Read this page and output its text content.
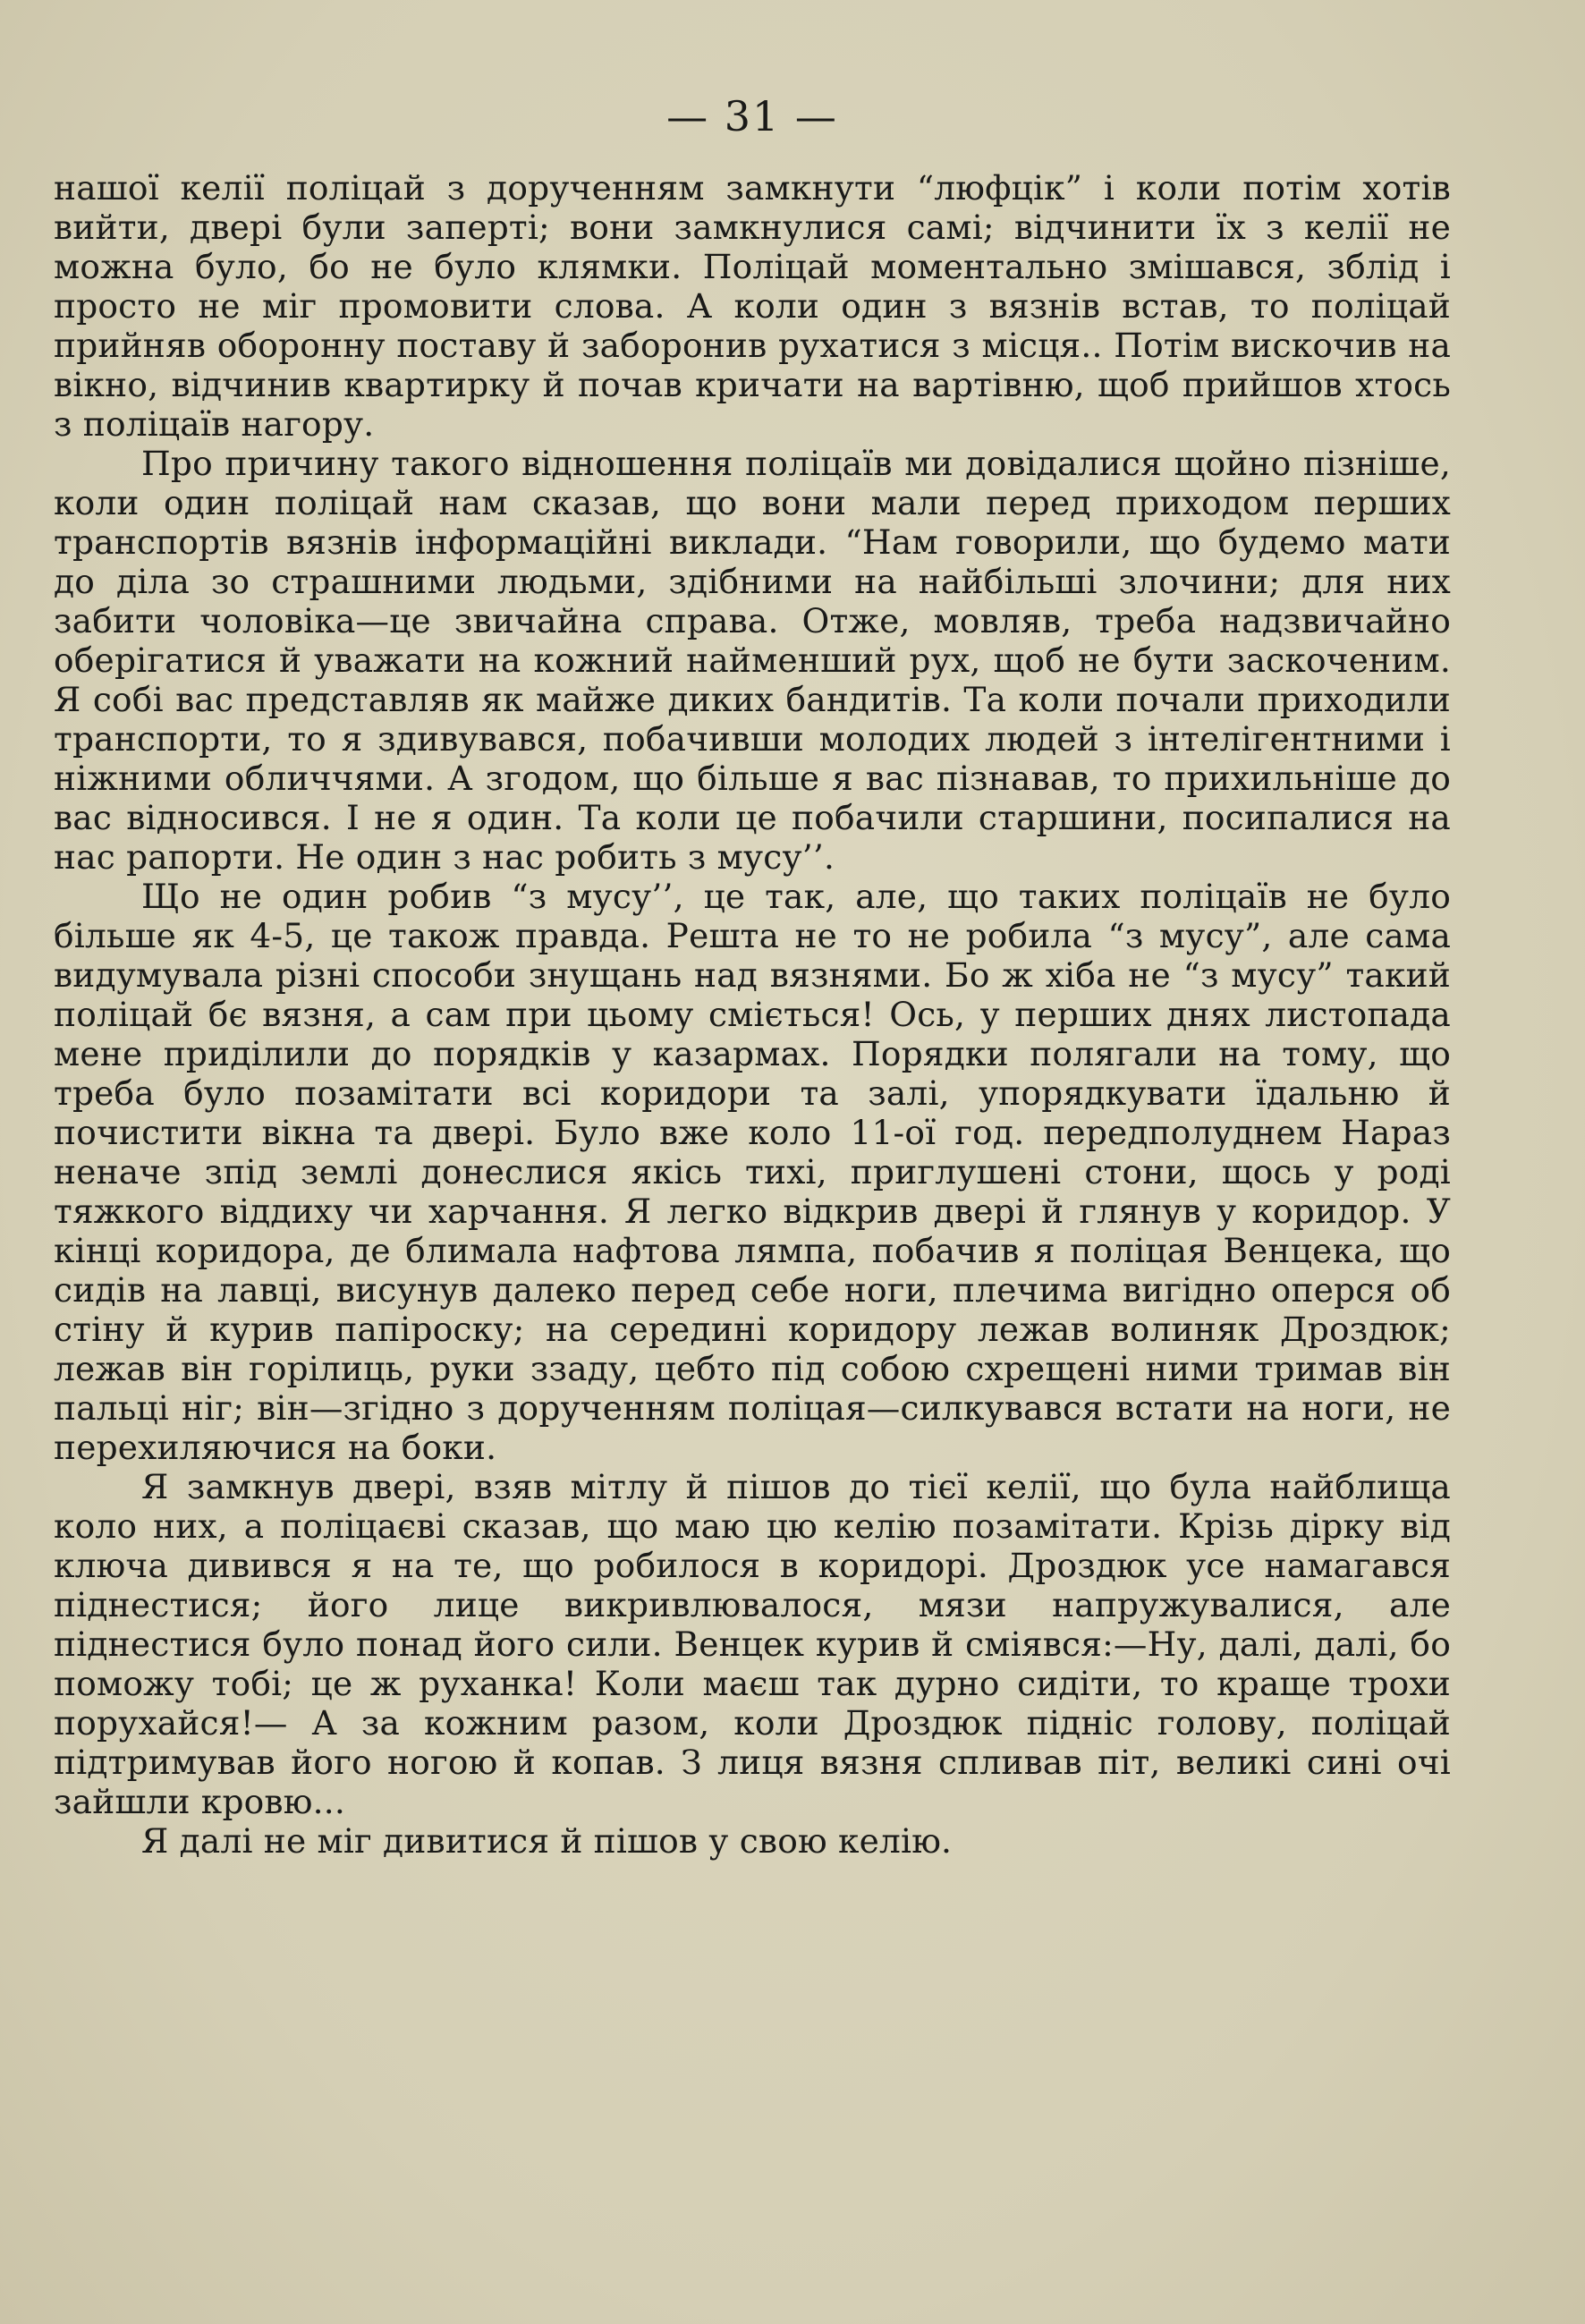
— 31 —

нашої келії поліцай з дорученням замкнути “люфцік” і коли потім хотів вийти, двері були заперті; вони замкнулися самі; відчинити їх з келії не можна було, бо не було клямки. Поліцай моментально змішався, зблід і просто не міг промовити слова. А коли один з вязнів встав, то поліцай прийняв оборонну поставу й заборонив рухатися з місця.. Потім вискочив на вікно, відчинив квартирку й почав кричати на вартівню, щоб прийшов хтось з поліцаїв нагору.

Про причину такого відношення поліцаїв ми довідалися щойно пізніше, коли один поліцай нам сказав, що вони мали перед приходом перших транспортів вязнів інформаційні виклади. “Нам говорили, що будемо мати до діла зо страшними людьми, здібними на найбільші злочини; для них забити чоловіка—це звичайна справа. Отже, мовляв, треба надзвичайно оберігатися й уважати на кожний найменший рух, щоб не бути заскоченим. Я собі вас представляв як майже диких бандитів. Та коли почали приходили транспорти, то я здивувався, побачивши молодих людей з інтелігентними і ніжними обличчями. А згодом, що більше я вас пізнавав, то прихильніше до вас відносився. І не я один. Та коли це побачили старшини, посипалися на нас рапорти. Не один з нас робить з мусу’’.

Що не один робив “з мусу’’, це так, але, що таких поліцаїв не було більше як 4-5, це також правда. Решта не то не робила “з мусу”, але сама видумувала різні способи знущань над вязнями. Бо ж хіба не “з мусу” такий поліцай бє вязня, а сам при цьому сміється! Ось, у перших днях листопада мене приділили до порядків у казармах. Порядки полягали на тому, що треба було позамітати всі коридори та залі, упорядкувати їдальню й почистити вікна та двері. Було вже коло 11-ої год. передполуднем Нараз неначе зпід землі донеслися якісь тихі, приглушені стони, щось у роді тяжкого віддиху чи харчання. Я легко відкрив двері й глянув у коридор. У кінці коридора, де блимала нафтова лямпа, побачив я поліцая Венцека, що сидів на лавці, висунув далеко перед себе ноги, плечима вигідно оперся об стіну й курив папіроску; на середині коридору лежав волиняк Дроздюк; лежав він горілиць, руки ззаду, цебто під собою схрещені ними тримав він пальці ніг; він—згідно з дорученням поліцая—силкувався встати на ноги, не перехиляючися на боки.

Я замкнув двері, взяв мітлу й пішов до тієї келії, що була найблища коло них, а поліцаєві сказав, що маю цю келію позамітати. Крізь дірку від ключа дивився я на те, що робилося в коридорі. Дроздюк усе намагався піднестися; його лице викривлювалося, мязи напружувалися, але піднестися було понад його сили. Венцек курив й сміявся:—Ну, далі, далі, бо поможу тобі; це ж руханка! Коли маєш так дурно сидіти, то краще трохи поpухайся!— А за кожним разом, коли Дроздюк підніс голову, поліцай підтримував його ногою й копав. З лиця вязня спливав піт, великі сині очі зайшли кровю...

Я далі не міг дивитися й пішов у свою келію.
